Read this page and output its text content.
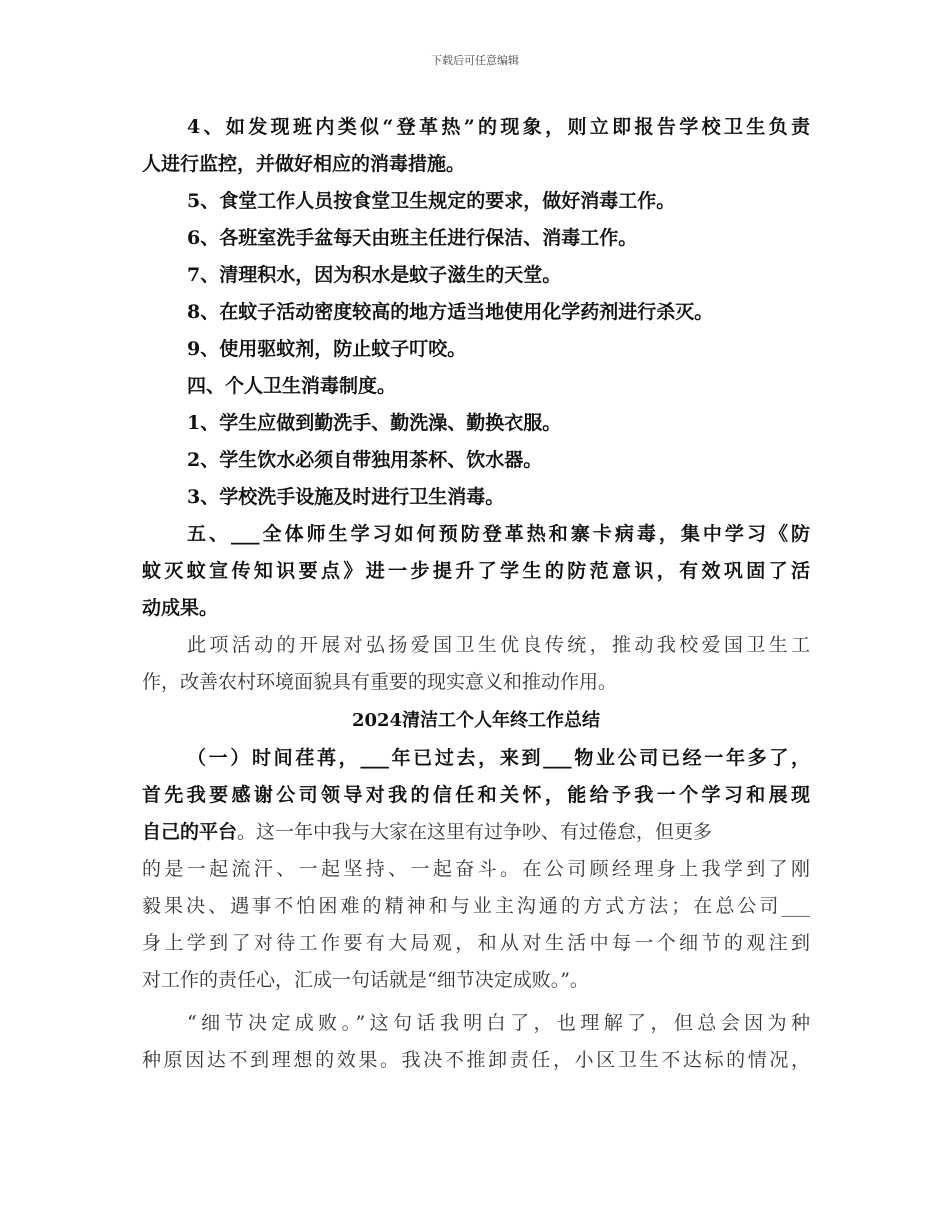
下载后可任意编辑
4、如发现班内类似“登革热”的现象，则立即报告学校卫生负责
人进行监控，并做好相应的消毒措施。
5、食堂工作人员按食堂卫生规定的要求，做好消毒工作。
6、各班室洗手盆每天由班主任进行保洁、消毒工作。
7、清理积水，因为积水是蚊子滋生的天堂。
8、在蚊子活动密度较高的地方适当地使用化学药剂进行杀灭。
9、使用驱蚊剂，防止蚊子叮咬。
四、个人卫生消毒制度。
1、学生应做到勤洗手、勤洗澡、勤换衣服。
2、学生饮水必须自带独用茶杯、饮水器。
3、学校洗手设施及时进行卫生消毒。
五、___全体师生学习如何预防登革热和寨卡病毒，集中学习《防
蚊灭蚊宣传知识要点》进一步提升了学生的防范意识，有效巩固了活
动成果。
此项活动的开展对弘扬爱国卫生优良传统，推动我校爱国卫生工
作，改善农村环境面貌具有重要的现实意义和推动作用。
2024清洁工个人年终工作总结
（一）时间荏苒，___年已过去，来到___物业公司已经一年多了，
首先我要感谢公司领导对我的信任和关怀，能给予我一个学习和展现
自己的平台。这一年中我与大家在这里有过争吵、有过倦怠，但更多
的是一起流汗、一起坚持、一起奋斗。在公司顾经理身上我学到了刚
毅果决、遇事不怕困难的精神和与业主沟通的方式方法；在总公司___
身上学到了对待工作要有大局观，和从对生活中每一个细节的观注到
对工作的责任心，汇成一句话就是“细节决定成败。”。
“细节决定成败。”这句话我明白了，也理解了，但总会因为种
种原因达不到理想的效果。我决不推卸责任，小区卫生不达标的情况，
